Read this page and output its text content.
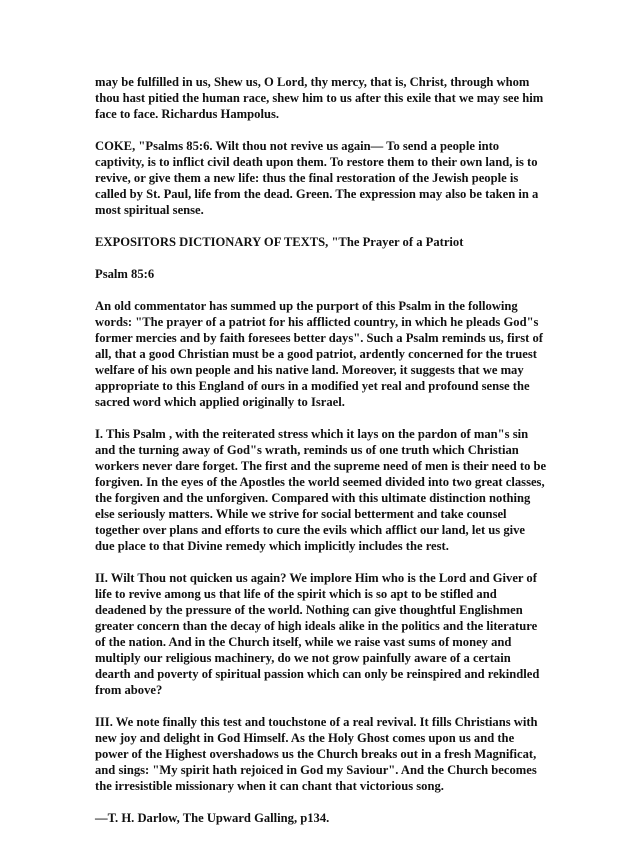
may be fulfilled in us, Shew us, O Lord, thy mercy, that is, Christ, through whom
thou hast pitied the human race, shew him to us after this exile that we may see him
face to face. Richardus Hampolus.

COKE, "Psalms 85:6. Wilt thou not revive us again— To send a people into
captivity, is to inflict civil death upon them. To restore them to their own land, is to
revive, or give them a new life: thus the final restoration of the Jewish people is
called by St. Paul, life from the dead. Green. The expression may also be taken in a
most spiritual sense.

EXPOSITORS DICTIONARY OF TEXTS, "The Prayer of a Patriot

Psalm 85:6

An old commentator has summed up the purport of this Psalm in the following
words: "The prayer of a patriot for his afflicted country, in which he pleads God"s
former mercies and by faith foresees better days". Such a Psalm reminds us, first of
all, that a good Christian must be a good patriot, ardently concerned for the truest
welfare of his own people and his native land. Moreover, it suggests that we may
appropriate to this England of ours in a modified yet real and profound sense the
sacred word which applied originally to Israel.

I. This Psalm , with the reiterated stress which it lays on the pardon of man"s sin
and the turning away of God"s wrath, reminds us of one truth which Christian
workers never dare forget. The first and the supreme need of men is their need to be
forgiven. In the eyes of the Apostles the world seemed divided into two great classes,
the forgiven and the unforgiven. Compared with this ultimate distinction nothing
else seriously matters. While we strive for social betterment and take counsel
together over plans and efforts to cure the evils which afflict our land, let us give
due place to that Divine remedy which implicitly includes the rest.

II. Wilt Thou not quicken us again? We implore Him who is the Lord and Giver of
life to revive among us that life of the spirit which is so apt to be stifled and
deadened by the pressure of the world. Nothing can give thoughtful Englishmen
greater concern than the decay of high ideals alike in the politics and the literature
of the nation. And in the Church itself, while we raise vast sums of money and
multiply our religious machinery, do we not grow painfully aware of a certain
dearth and poverty of spiritual passion which can only be reinspired and rekindled
from above?

III. We note finally this test and touchstone of a real revival. It fills Christians with
new joy and delight in God Himself. As the Holy Ghost comes upon us and the
power of the Highest overshadows us the Church breaks out in a fresh Magnificat,
and sings: "My spirit hath rejoiced in God my Saviour". And the Church becomes
the irresistible missionary when it can chant that victorious song.

—T. H. Darlow, The Upward Galling, p134.
